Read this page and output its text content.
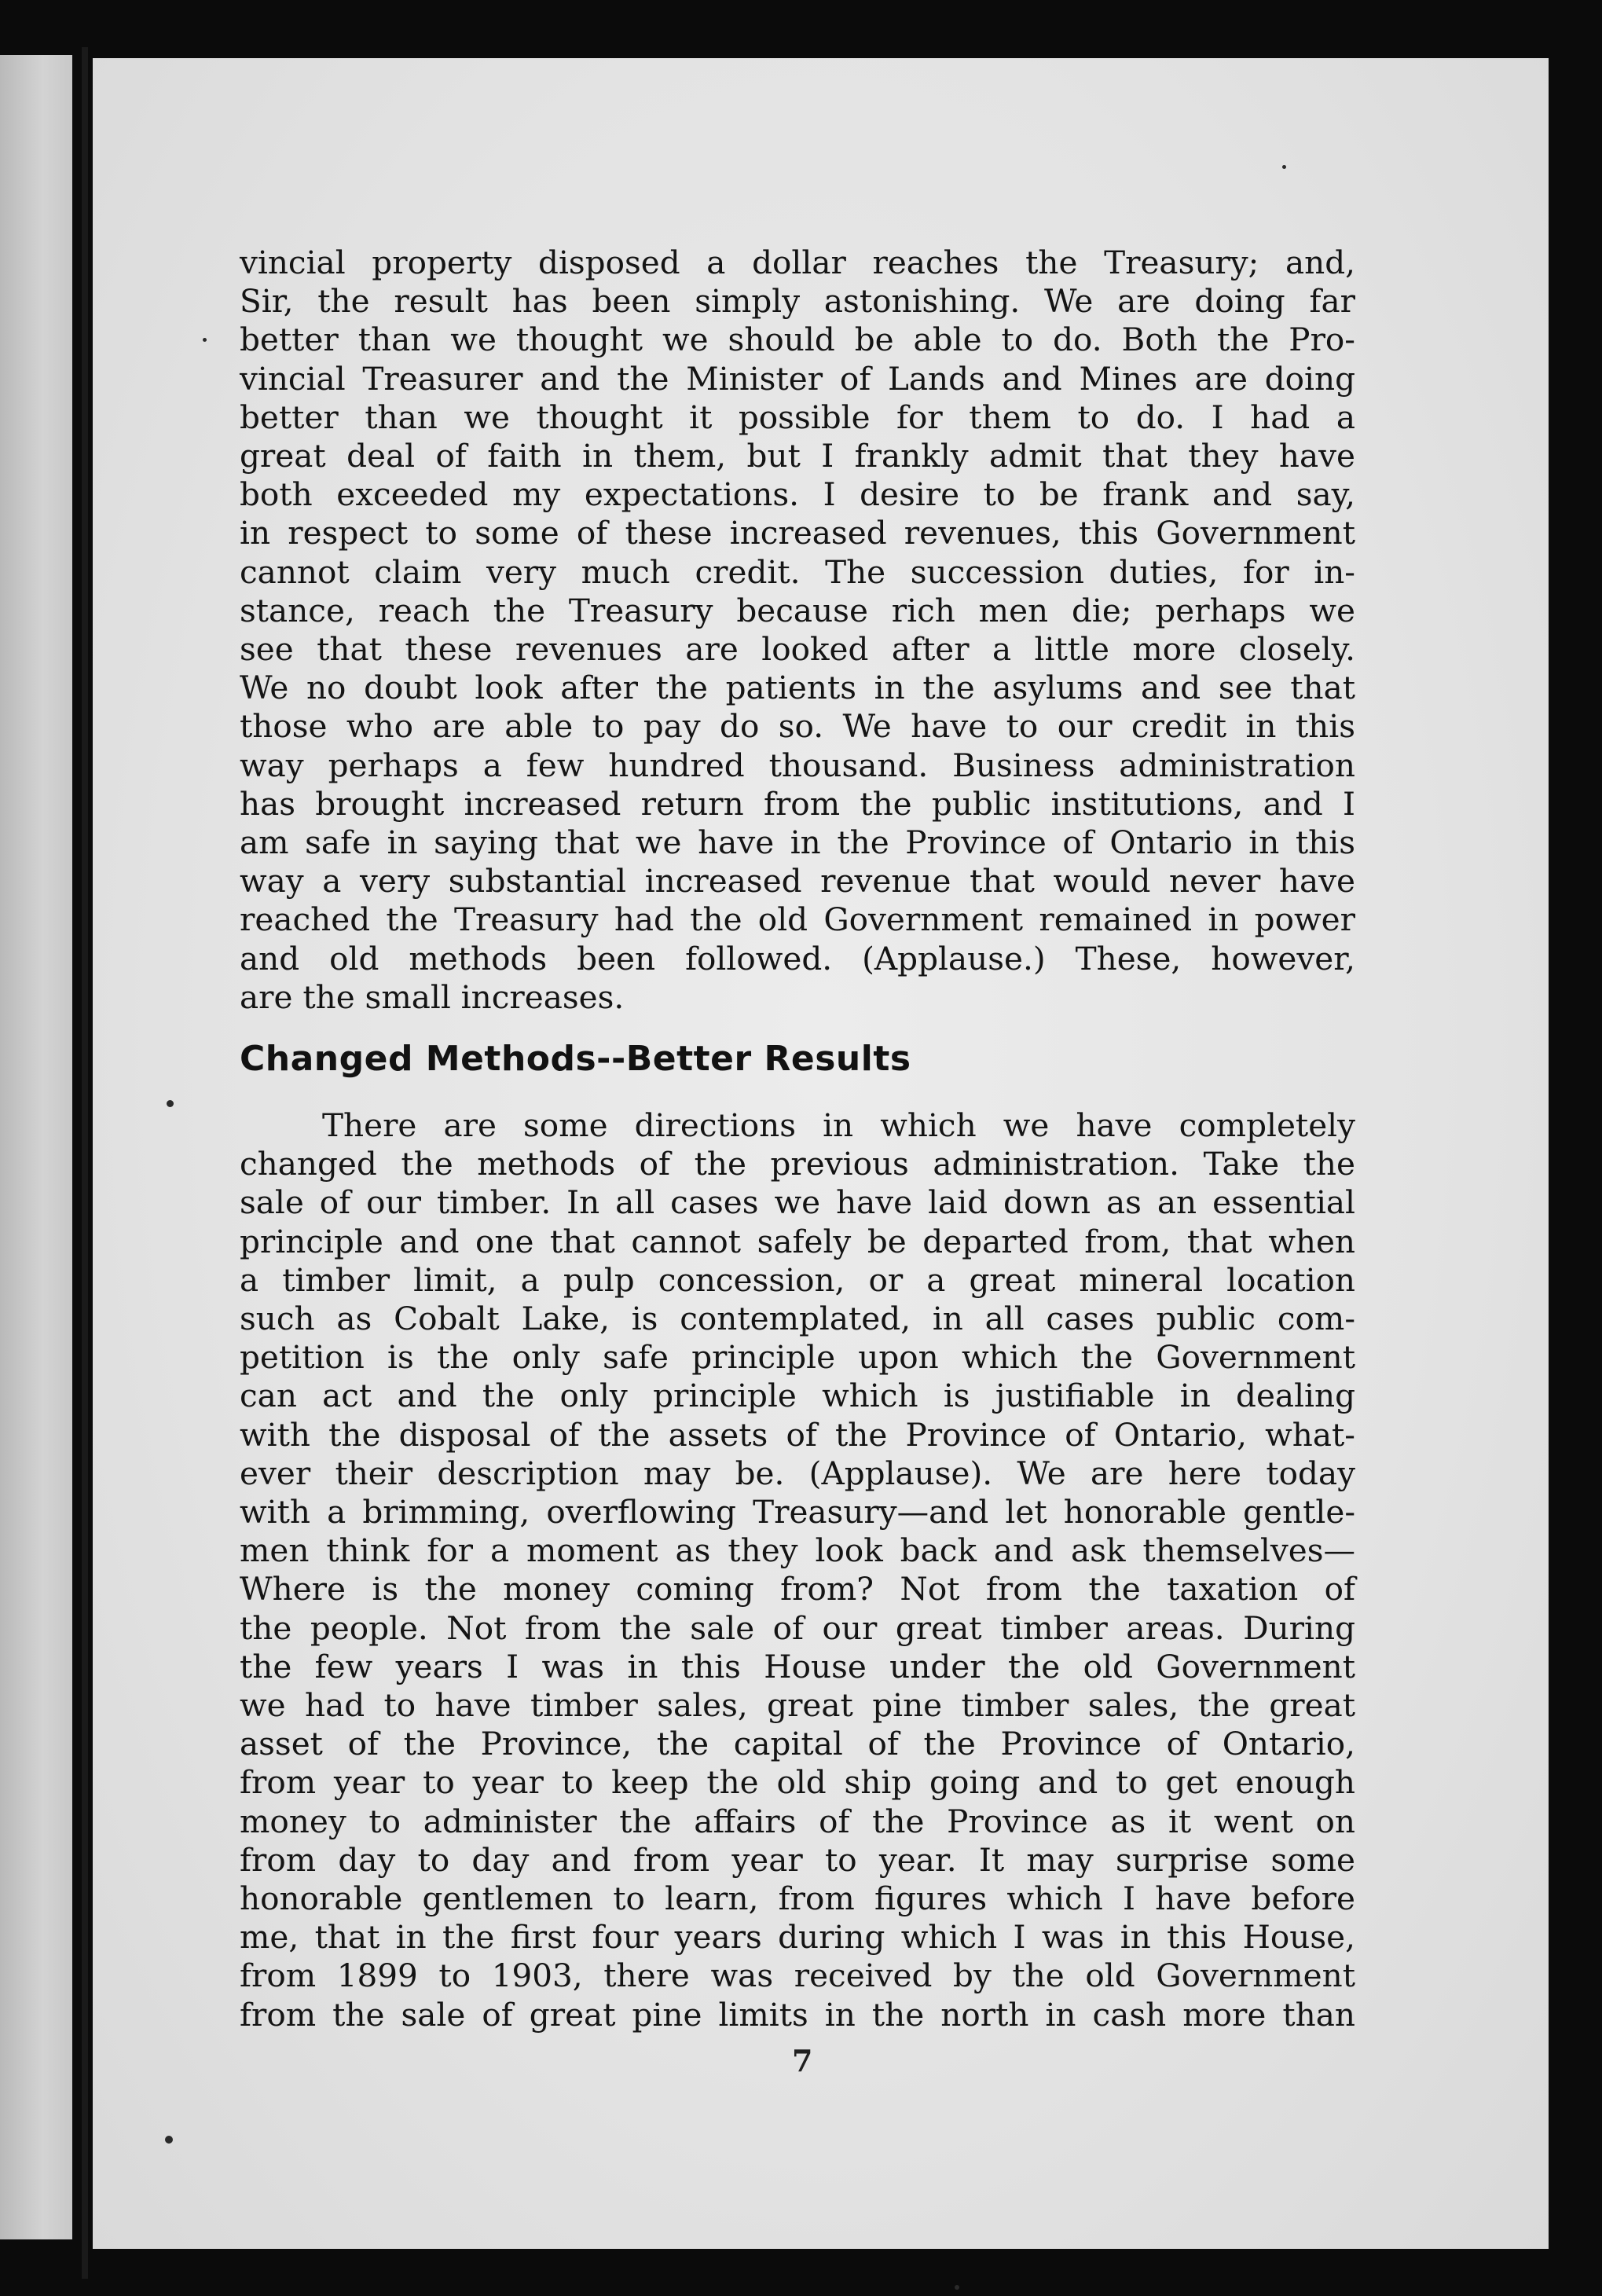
vincial property disposed a dollar reaches the Treasury; and,
Sir, the result has been simply astonishing. We are doing far
better than we thought we should be able to do. Both the Pro-
vincial Treasurer and the Minister of Lands and Mines are doing
better than we thought it possible for them to do. I had a
great deal of faith in them, but I frankly admit that they have
both exceeded my expectations. I desire to be frank and say,
in respect to some of these increased revenues, this Government
cannot claim very much credit. The succession duties, for in-
stance, reach the Treasury because rich men die; perhaps we
see that these revenues are looked after a little more closely.
We no doubt look after the patients in the asylums and see that
those who are able to pay do so. We have to our credit in this
way perhaps a few hundred thousand. Business administration
has brought increased return from the public institutions, and I
am safe in saying that we have in the Province of Ontario in this
way a very substantial increased revenue that would never have
reached the Treasury had the old Government remained in power
and old methods been followed. (Applause.) These, however,
are the small increases.
Changed Methods--Better Results
There are some directions in which we have completely
changed the methods of the previous administration. Take the
sale of our timber. In all cases we have laid down as an essential
principle and one that cannot safely be departed from, that when
a timber limit, a pulp concession, or a great mineral location
such as Cobalt Lake, is contemplated, in all cases public com-
petition is the only safe principle upon which the Government
can act and the only principle which is justifiable in dealing
with the disposal of the assets of the Province of Ontario, what-
ever their description may be. (Applause). We are here today
with a brimming, overflowing Treasury—and let honorable gentle-
men think for a moment as they look back and ask themselves—
Where is the money coming from? Not from the taxation of
the people. Not from the sale of our great timber areas. During
the few years I was in this House under the old Government
we had to have timber sales, great pine timber sales, the great
asset of the Province, the capital of the Province of Ontario,
from year to year to keep the old ship going and to get enough
money to administer the affairs of the Province as it went on
from day to day and from year to year. It may surprise some
honorable gentlemen to learn, from figures which I have before
me, that in the first four years during which I was in this House,
from 1899 to 1903, there was received by the old Government
from the sale of great pine limits in the north in cash more than
7
